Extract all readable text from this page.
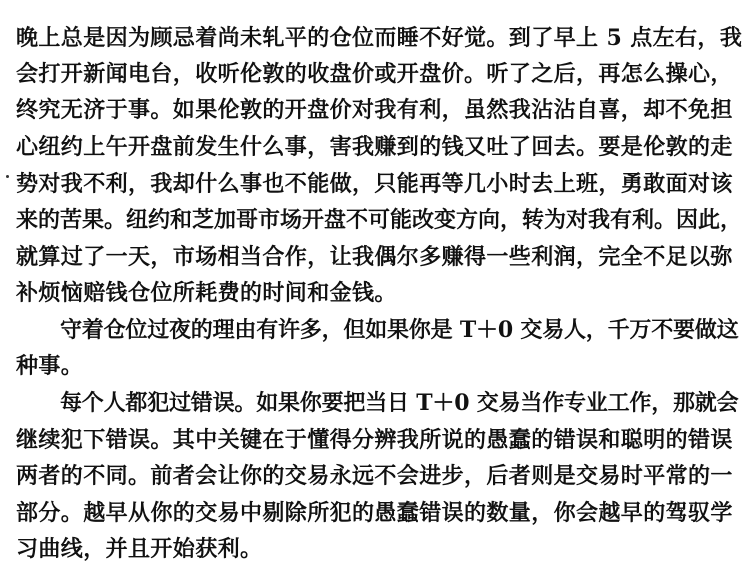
晚上总是因为顾忌着尚未轧平的仓位而睡不好觉。到了早上 5 点左右，我
会打开新闻电台，收听伦敦的收盘价或开盘价。听了之后，再怎么操心，
终究无济于事。如果伦敦的开盘价对我有利，虽然我沾沾自喜，却不免担
心纽约上午开盘前发生什么事，害我赚到的钱又吐了回去。要是伦敦的走
势对我不利，我却什么事也不能做，只能再等几小时去上班，勇敢面对该
来的苦果。纽约和芝加哥市场开盘不可能改变方向，转为对我有利。因此，
就算过了一天，市场相当合作，让我偶尔多赚得一些利润，完全不足以弥
补烦恼赔钱仓位所耗费的时间和金钱。
守着仓位过夜的理由有许多，但如果你是 T＋0 交易人，千万不要做这
种事。
每个人都犯过错误。如果你要把当日 T＋0 交易当作专业工作，那就会
继续犯下错误。其中关键在于懂得分辨我所说的愚蠢的错误和聪明的错误
两者的不同。前者会让你的交易永远不会进步，后者则是交易时平常的一
部分。越早从你的交易中剔除所犯的愚蠢错误的数量，你会越早的驾驭学
习曲线，并且开始获利。
